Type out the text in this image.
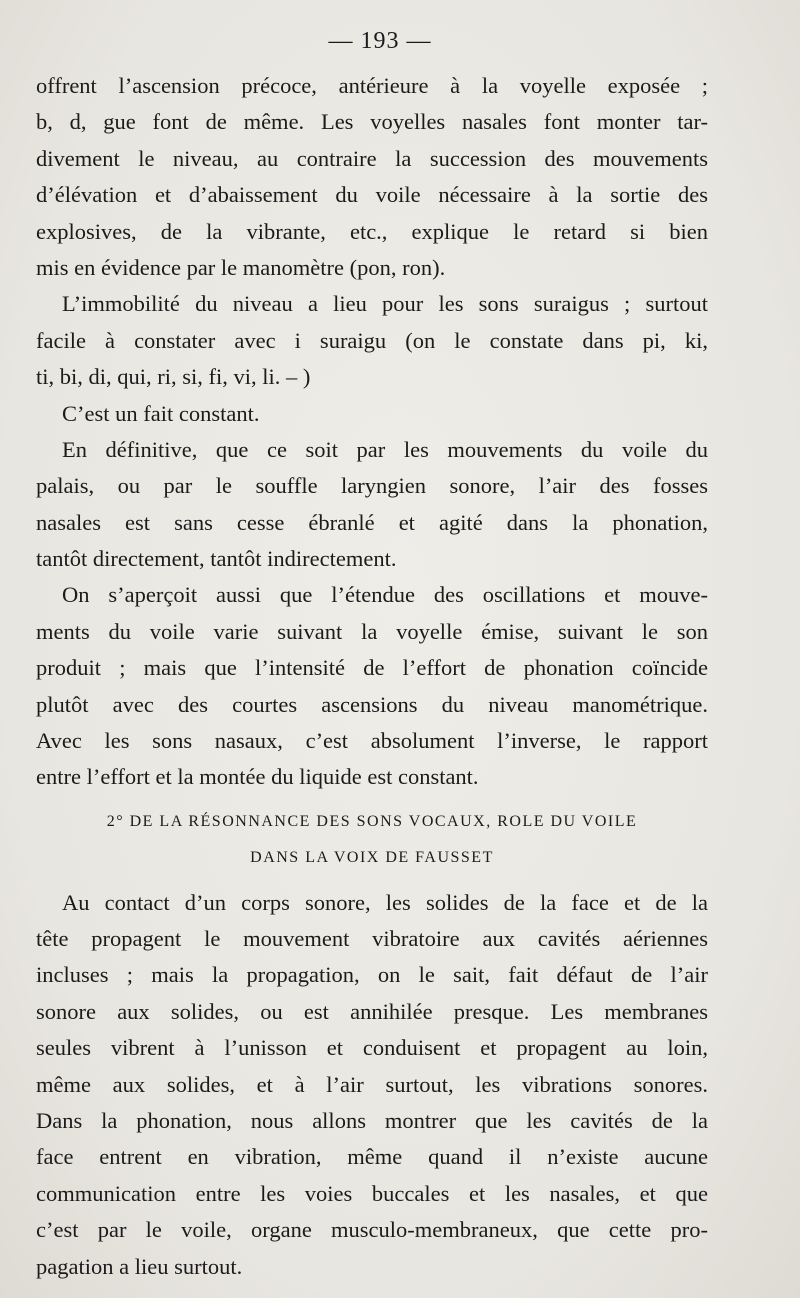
— 193 —
offrent l’ascension précoce, antérieure à la voyelle exposée ;
b, d, gue font de même. Les voyelles nasales font monter tar-
divement le niveau, au contraire la succession des mouvements
d’élévation et d’abaissement du voile nécessaire à la sortie des
explosives, de la vibrante, etc., explique le retard si bien
mis en évidence par le manomètre (pon, ron).
L’immobilité du niveau a lieu pour les sons suraigus ; surtout
facile à constater avec i suraigu (on le constate dans pi, ki,
ti, bi, di, qui, ri, si, fi, vi, li. – )
C’est un fait constant.
En définitive, que ce soit par les mouvements du voile du
palais, ou par le souffle laryngien sonore, l’air des fosses
nasales est sans cesse ébranlé et agité dans la phonation,
tantôt directement, tantôt indirectement.
On s’aperçoit aussi que l’étendue des oscillations et mouve-
ments du voile varie suivant la voyelle émise, suivant le son
produit ; mais que l’intensité de l’effort de phonation coïncide
plutôt avec des courtes ascensions du niveau manométrique.
Avec les sons nasaux, c’est absolument l’inverse, le rapport
entre l’effort et la montée du liquide est constant.
2° DE LA RÉSONNANCE DES SONS VOCAUX, ROLE DU VOILE
DANS LA VOIX DE FAUSSET
Au contact d’un corps sonore, les solides de la face et de la
tête propagent le mouvement vibratoire aux cavités aériennes
incluses ; mais la propagation, on le sait, fait défaut de l’air
sonore aux solides, ou est annihilée presque. Les membranes
seules vibrent à l’unisson et conduisent et propagent au loin,
même aux solides, et à l’air surtout, les vibrations sonores.
Dans la phonation, nous allons montrer que les cavités de la
face entrent en vibration, même quand il n’existe aucune
communication entre les voies buccales et les nasales, et que
c’est par le voile, organe musculo-membraneux, que cette pro-
pagation a lieu surtout.
